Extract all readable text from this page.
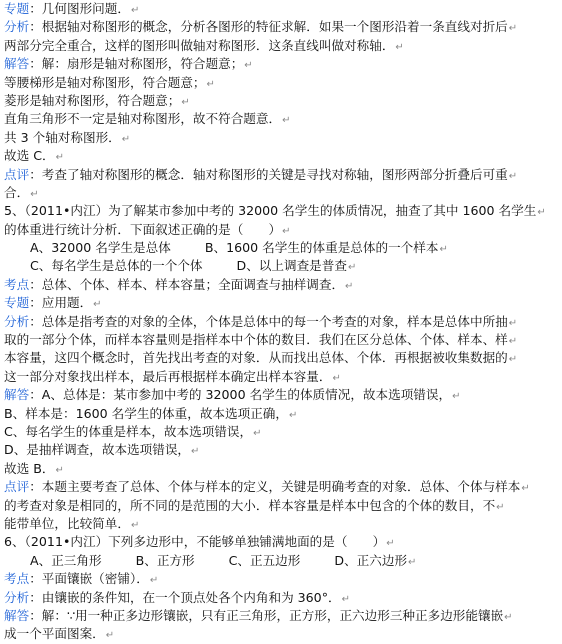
专题：几何图形问题．↵
分析：根据轴对称图形的概念，分析各图形的特征求解．如果一个图形沿着一条直线对折后↵
两部分完全重合，这样的图形叫做轴对称图形．这条直线叫做对称轴．↵
解答：解：扇形是轴对称图形，符合题意；↵
等腰梯形是轴对称图形，符合题意；↵
菱形是轴对称图形，符合题意；↵
直角三角形不一定是轴对称图形，故不符合题意．↵
共 3 个轴对称图形．↵
故选 C．↵
点评：考查了轴对称图形的概念．轴对称图形的关键是寻找对称轴，图形两部分折叠后可重↵
合．↵
5、（2011•内江）为了解某市参加中考的 32000 名学生的体质情况，抽查了其中 1600 名学生↵
的体重进行统计分析．下面叙述正确的是（　　）↵
A、32000 名学生是总体	B、1600 名学生的体重是总体的一个样本↵
C、每名学生是总体的一个个体	D、以上调查是普查↵
考点：总体、个体、样本、样本容量；全面调查与抽样调查．↵
专题：应用题．↵
分析：总体是指考查的对象的全体，个体是总体中的每一个考查的对象，样本是总体中所抽↵
取的一部分个体，而样本容量则是指样本中个体的数目．我们在区分总体、个体、样本、样↵
本容量，这四个概念时，首先找出考查的对象．从而找出总体、个体．再根据被收集数据的↵
这一部分对象找出样本，最后再根据样本确定出样本容量．↵
解答：A、总体是：某市参加中考的 32000 名学生的体质情况，故本选项错误，↵
B、样本是：1600 名学生的体重，故本选项正确，↵
C、每名学生的体重是样本，故本选项错误，↵
D、是抽样调查，故本选项错误，↵
故选 B．↵
点评：本题主要考查了总体、个体与样本的定义，关键是明确考查的对象．总体、个体与样本↵
的考查对象是相同的，所不同的是范围的大小．样本容量是样本中包含的个体的数目，不↵
能带单位，比较简单．↵
6、（2011•内江）下列多边形中，不能够单独铺满地面的是（　　）↵
A、正三角形	B、正方形	C、正五边形	D、正六边形↵
考点：平面镶嵌（密铺）．↵
分析：由镶嵌的条件知，在一个顶点处各个内角和为 360°．↵
解答：解：∵用一种正多边形镶嵌，只有正三角形，正方形，正六边形三种正多边形能镶嵌↵
成一个平面图案．↵
